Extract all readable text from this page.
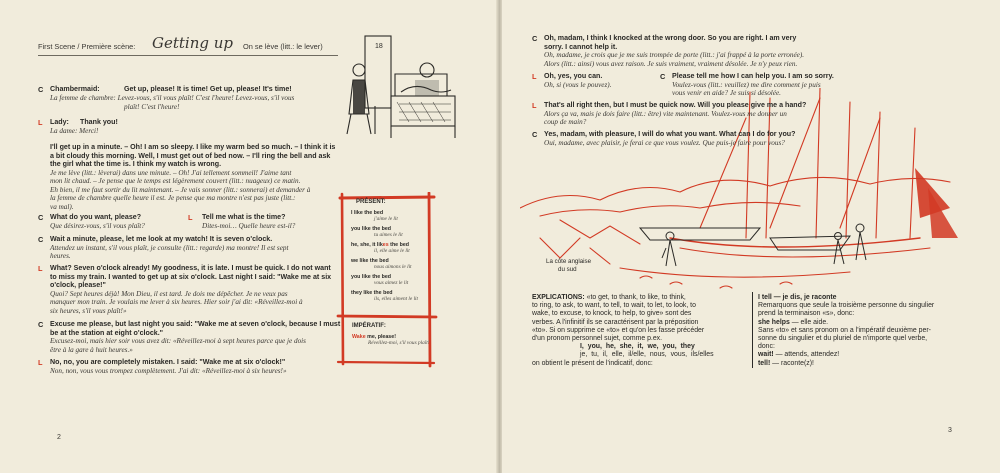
First Scene / Première scène: Getting up On se lève (litt.: le lever)	18
C Chambermaid:	Get up, please! It is time! Get up, please! It's time!
La femme de chambre: Levez-vous, s'il vous plaît! C'est l'heure! Levez-vous, s'il vous
plaît! C'est l'heure!
L Lady: Thank you!
La dame: Merci!
I'll get up in a minute. – Oh! I am so sleepy. I like my warm bed so much. – I think it is
a bit cloudy this morning. Well, I must get out of bed now. – I'll ring the bell and ask
the girl what the time is. I think my watch is wrong.
Je me lève (litt.: lèverai) dans une minute. – Oh! J'ai tellement sommeil! J'aime tant
mon lit chaud. – Je pense que le temps est légèrement couvert (litt.: nuageux) ce matin.
Eh bien, il me faut sortir du lit maintenant. – Je vais sonner (litt.: sonnerai) et demander à
la femme de chambre quelle heure il est. Je pense que ma montre n'est pas juste (litt.:
va mal).
C What do you want, please?
Que désirez-vous, s'il vous plaît?
L Tell me what is the time?
Dites-moi… Quelle heure est-il?
C Wait a minute, please, let me look at my watch! It is seven o'clock.
Attendez un instant, s'il vous plaît, je consulte (litt.: regarde) ma montre! Il est sept
heures.
L What? Seven o'clock already! My goodness, it is late. I must be quick. I do not want
to miss my train. I wanted to get up at six o'clock. Last night I said: "Wake me at six
o'clock, please!"
Quoi? Sept heures déjà! Mon Dieu, il est tard. Je dois me dépêcher. Je ne veux pas
manquer mon train. Je voulais me lever à six heures. Hier soir j'ai dit: «Réveillez-moi à
six heures, s'il vous plaît!»
C Excuse me please, but last night you said: "Wake me at seven o'clock, because I must
be at the station at eight o'clock."
Excusez-moi, mais hier soir vous avez dit: «Réveillez-moi à sept heures parce que je dois
être à la gare à huit heures.»
L No, no, you are completely mistaken. I said: "Wake me at six o'clock!"
Non, non, vous vous trompez complètement. J'ai dit: «Réveillez-moi à six heures!»
PRÉSENT:
I like the bed
j'aime le lit
you like the bed
tu aimes le lit
he, she, it likes the bed
il, elle aime le lit
we like the bed
nous aimons le lit
you like the bed
vous aimez le lit
they like the bed
ils, elles aiment le lit
IMPÉRATIF:
Wake me, please!
Réveillez-moi, s'il vous plaît!
2
C Oh, madam, I think I knocked at the wrong door. So you are right. I am very
sorry. I cannot help it.
Oh, madame, je crois que je me suis trompée de porte (litt.: j'ai frappé à la porte erronée).
Alors (litt.: ainsi) vous avez raison. Je suis vraiment, vraiment désolée. Je n'y peux rien.
L Oh, yes, you can.
Oh, si (vous le pouvez).
C Please tell me how I can help you. I am so sorry.
Voulez-vous (litt.: veuillez) me dire comment je puis
vous venir en aide? Je suis si désolée.
L That's all right then, but I must be quick now. Will you please give me a hand?
Alors ça va, mais je dois faire (litt.: être) vite maintenant. Voulez-vous me donner un
coup de main?
C Yes, madam, with pleasure, I will do what you want. What can I do for you?
Oui, madame, avec plaisir, je ferai ce que vous voulez. Que puis-je faire pour vous?
La côte anglaise
du sud
EXPLICATIONS: «to get, to thank, to like, to think,
to ring, to ask, to want, to tell, to wait, to let, to look, to
wake, to excuse, to knock, to help, to give» sont des
verbes. A l'infinitif ils se caractérisent par la préposition
«to». Si on supprime ce «to» et qu'on les fasse précéder
d'un pronom personnel sujet, comme p.ex.
I, you, he, she, it, we, you, they
je, tu, il, elle, il/elle, nous, vous, ils/elles
on obtient le présent de l'indicatif, donc:
I tell — je dis, je raconte
Remarquons que seule la troisième personne du singulier
prend la terminaison «s», donc:
she helps — elle aide.
Sans «to» et sans pronom on a l'impératif deuxième per-
sonne du singulier et du pluriel de n'importe quel verbe,
donc:
wait! — attends, attendez!
tell! — raconte(z)!
3
